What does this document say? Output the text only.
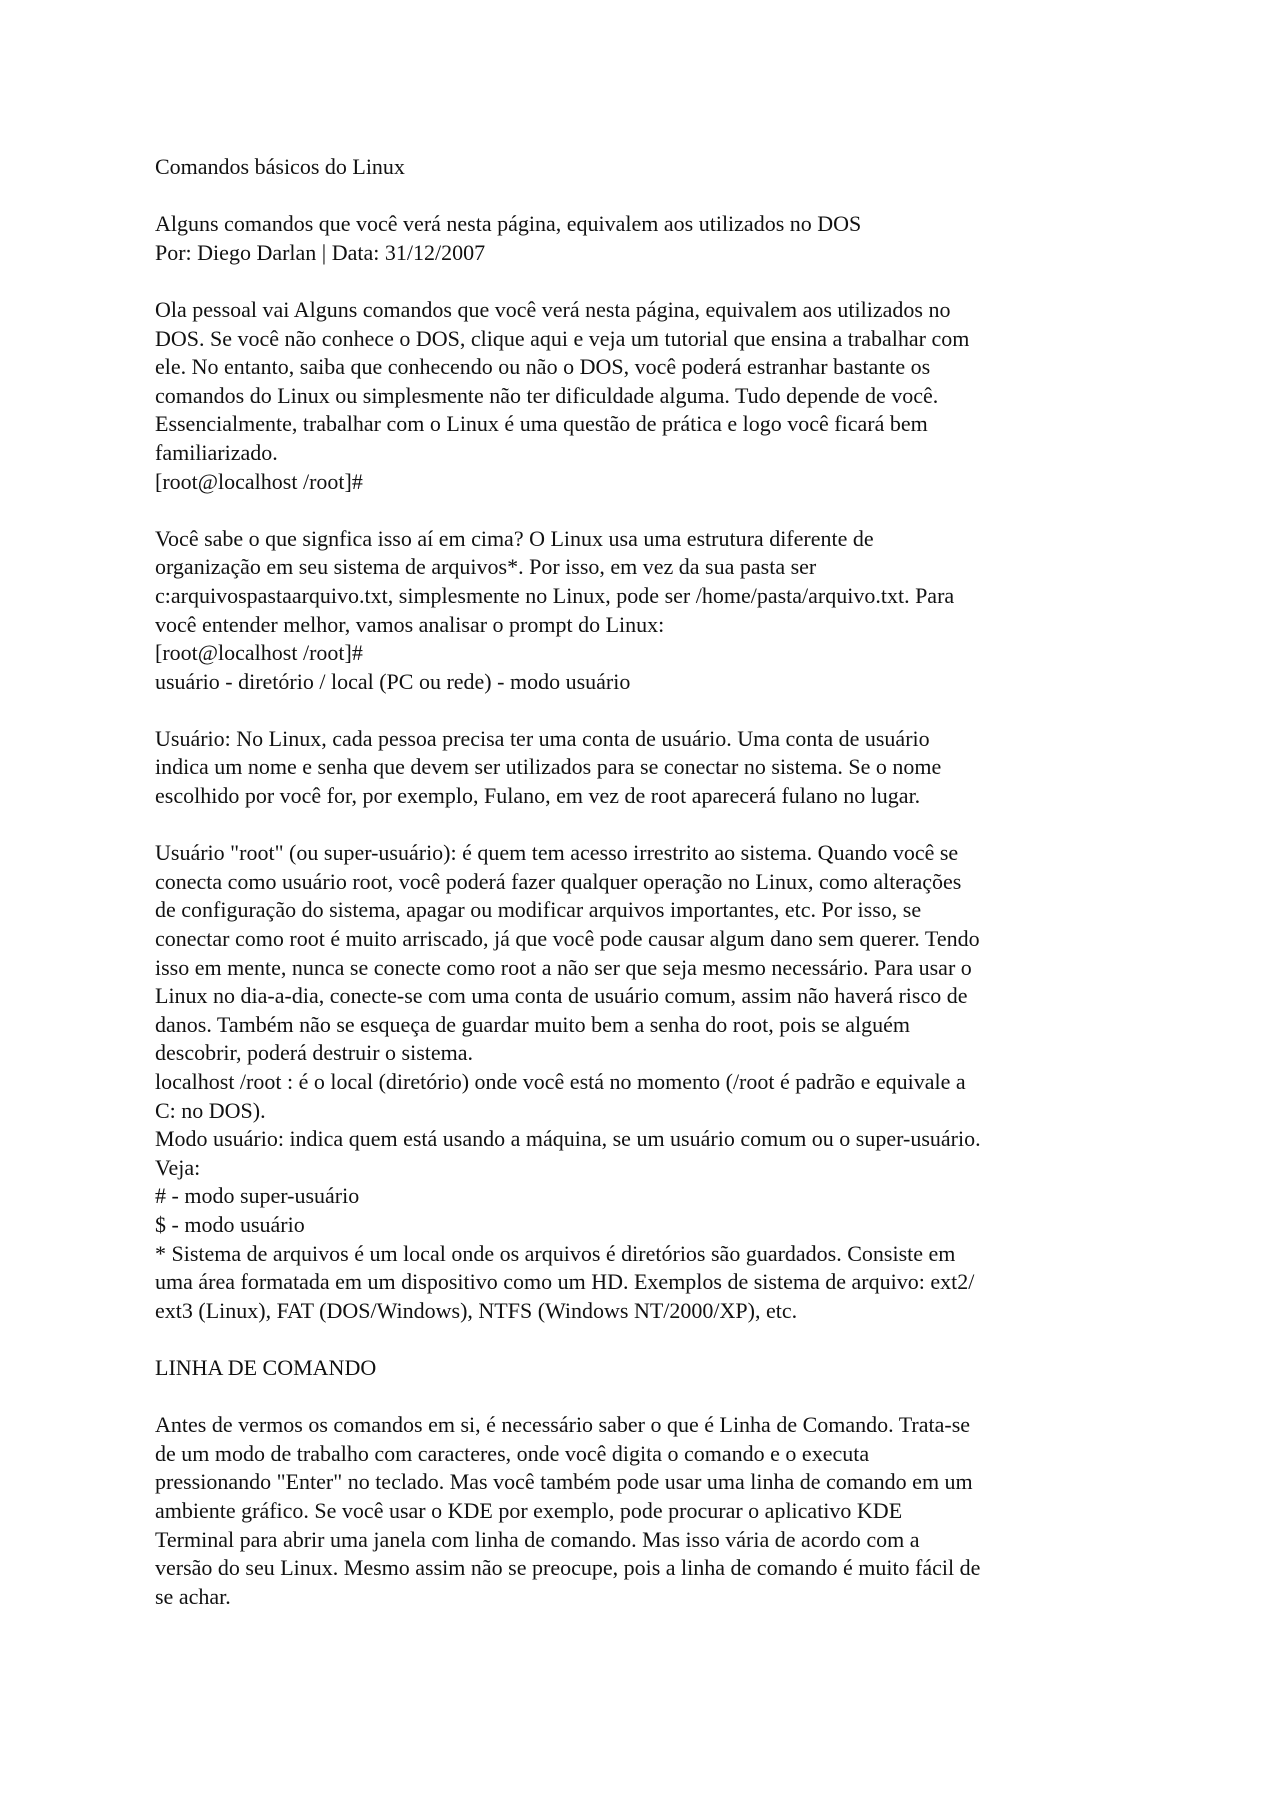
Comandos básicos do Linux
Alguns comandos que você verá nesta página, equivalem aos utilizados no DOS
Por: Diego Darlan | Data: 31/12/2007
Ola pessoal vai Alguns comandos que você verá nesta página, equivalem aos utilizados no
DOS. Se você não conhece o DOS, clique aqui e veja um tutorial que ensina a trabalhar com
ele. No entanto, saiba que conhecendo ou não o DOS, você poderá estranhar bastante os
comandos do Linux ou simplesmente não ter dificuldade alguma. Tudo depende de você.
Essencialmente, trabalhar com o Linux é uma questão de prática e logo você ficará bem
familiarizado.
[root@localhost /root]#
Você sabe o que signfica isso aí em cima? O Linux usa uma estrutura diferente de
organização em seu sistema de arquivos*. Por isso, em vez da sua pasta ser
c:arquivospastaarquivo.txt, simplesmente no Linux, pode ser /home/pasta/arquivo.txt. Para
você entender melhor, vamos analisar o prompt do Linux:
[root@localhost /root]#
usuário - diretório / local (PC ou rede) - modo usuário
Usuário: No Linux, cada pessoa precisa ter uma conta de usuário. Uma conta de usuário
indica um nome e senha que devem ser utilizados para se conectar no sistema. Se o nome
escolhido por você for, por exemplo, Fulano, em vez de root aparecerá fulano no lugar.
Usuário "root" (ou super-usuário): é quem tem acesso irrestrito ao sistema. Quando você se
conecta como usuário root, você poderá fazer qualquer operação no Linux, como alterações
de configuração do sistema, apagar ou modificar arquivos importantes, etc. Por isso, se
conectar como root é muito arriscado, já que você pode causar algum dano sem querer. Tendo
isso em mente, nunca se conecte como root a não ser que seja mesmo necessário. Para usar o
Linux no dia-a-dia, conecte-se com uma conta de usuário comum, assim não haverá risco de
danos. Também não se esqueça de guardar muito bem a senha do root, pois se alguém
descobrir, poderá destruir o sistema.
localhost /root : é o local (diretório) onde você está no momento (/root é padrão e equivale a
C: no DOS).
Modo usuário: indica quem está usando a máquina, se um usuário comum ou o super-usuário.
Veja:
# - modo super-usuário
$ - modo usuário
* Sistema de arquivos é um local onde os arquivos é diretórios são guardados. Consiste em
uma área formatada em um dispositivo como um HD. Exemplos de sistema de arquivo: ext2/
ext3 (Linux), FAT (DOS/Windows), NTFS (Windows NT/2000/XP), etc.
LINHA DE COMANDO
Antes de vermos os comandos em si, é necessário saber o que é Linha de Comando. Trata-se
de um modo de trabalho com caracteres, onde você digita o comando e o executa
pressionando "Enter" no teclado. Mas você também pode usar uma linha de comando em um
ambiente gráfico. Se você usar o KDE por exemplo, pode procurar o aplicativo KDE
Terminal para abrir uma janela com linha de comando. Mas isso vária de acordo com a
versão do seu Linux. Mesmo assim não se preocupe, pois a linha de comando é muito fácil de
se achar.
